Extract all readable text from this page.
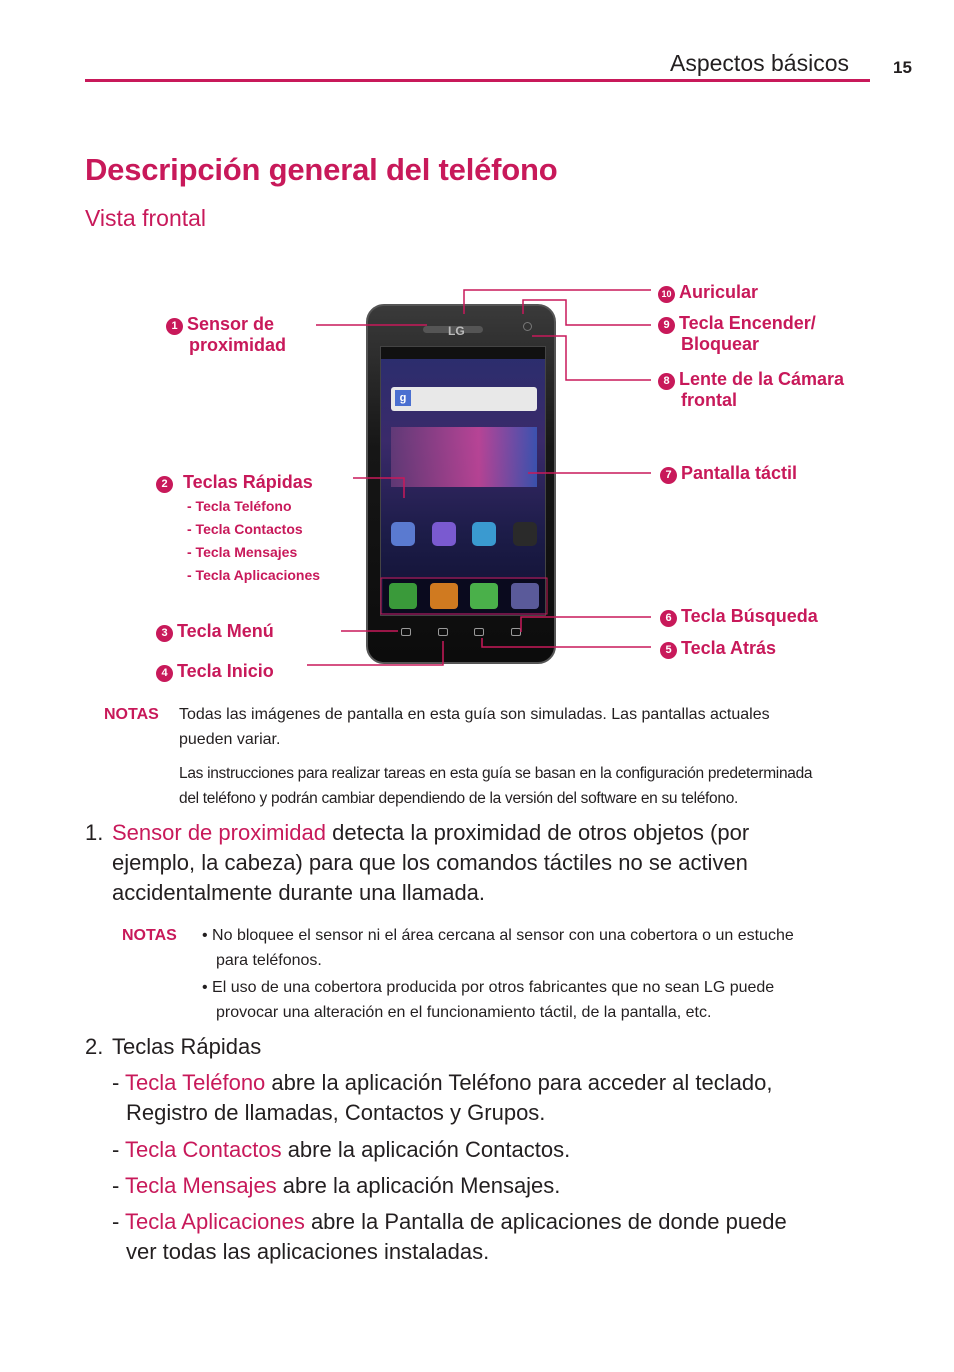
Aspectos básicos	15
Descripción general del teléfono
Vista frontal
LG
g
1 Sensor de
proximidad
2 Teclas Rápidas
- Tecla Teléfono
- Tecla Contactos
- Tecla Mensajes
- Tecla Aplicaciones
3 Tecla Menú
4 Tecla Inicio
5 Tecla Atrás
6 Tecla Búsqueda
7 Pantalla táctil
8 Lente de la Cámara
frontal
9 Tecla Encender/
Bloquear
10 Auricular
NOTAS Todas las imágenes de pantalla en esta guía son simuladas. Las pantallas actuales
pueden variar.
Las instrucciones para realizar tareas en esta guía se basan en la configuración predeterminada
del teléfono y podrán cambiar dependiendo de la versión del software en su teléfono.
1. Sensor de proximidad detecta la proximidad de otros objetos (por
ejemplo, la cabeza) para que los comandos táctiles no se activen
accidentalmente durante una llamada.
NOTAS • No bloquee el sensor ni el área cercana al sensor con una cobertora o un estuche
para teléfonos.
• El uso de una cobertora producida por otros fabricantes que no sean LG puede
provocar una alteración en el funcionamiento táctil, de la pantalla, etc.
2. Teclas Rápidas
- Tecla Teléfono abre la aplicación Teléfono para acceder al teclado,
Registro de llamadas, Contactos y Grupos.
- Tecla Contactos abre la aplicación Contactos.
- Tecla Mensajes abre la aplicación Mensajes.
- Tecla Aplicaciones abre la Pantalla de aplicaciones de donde puede
ver todas las aplicaciones instaladas.
